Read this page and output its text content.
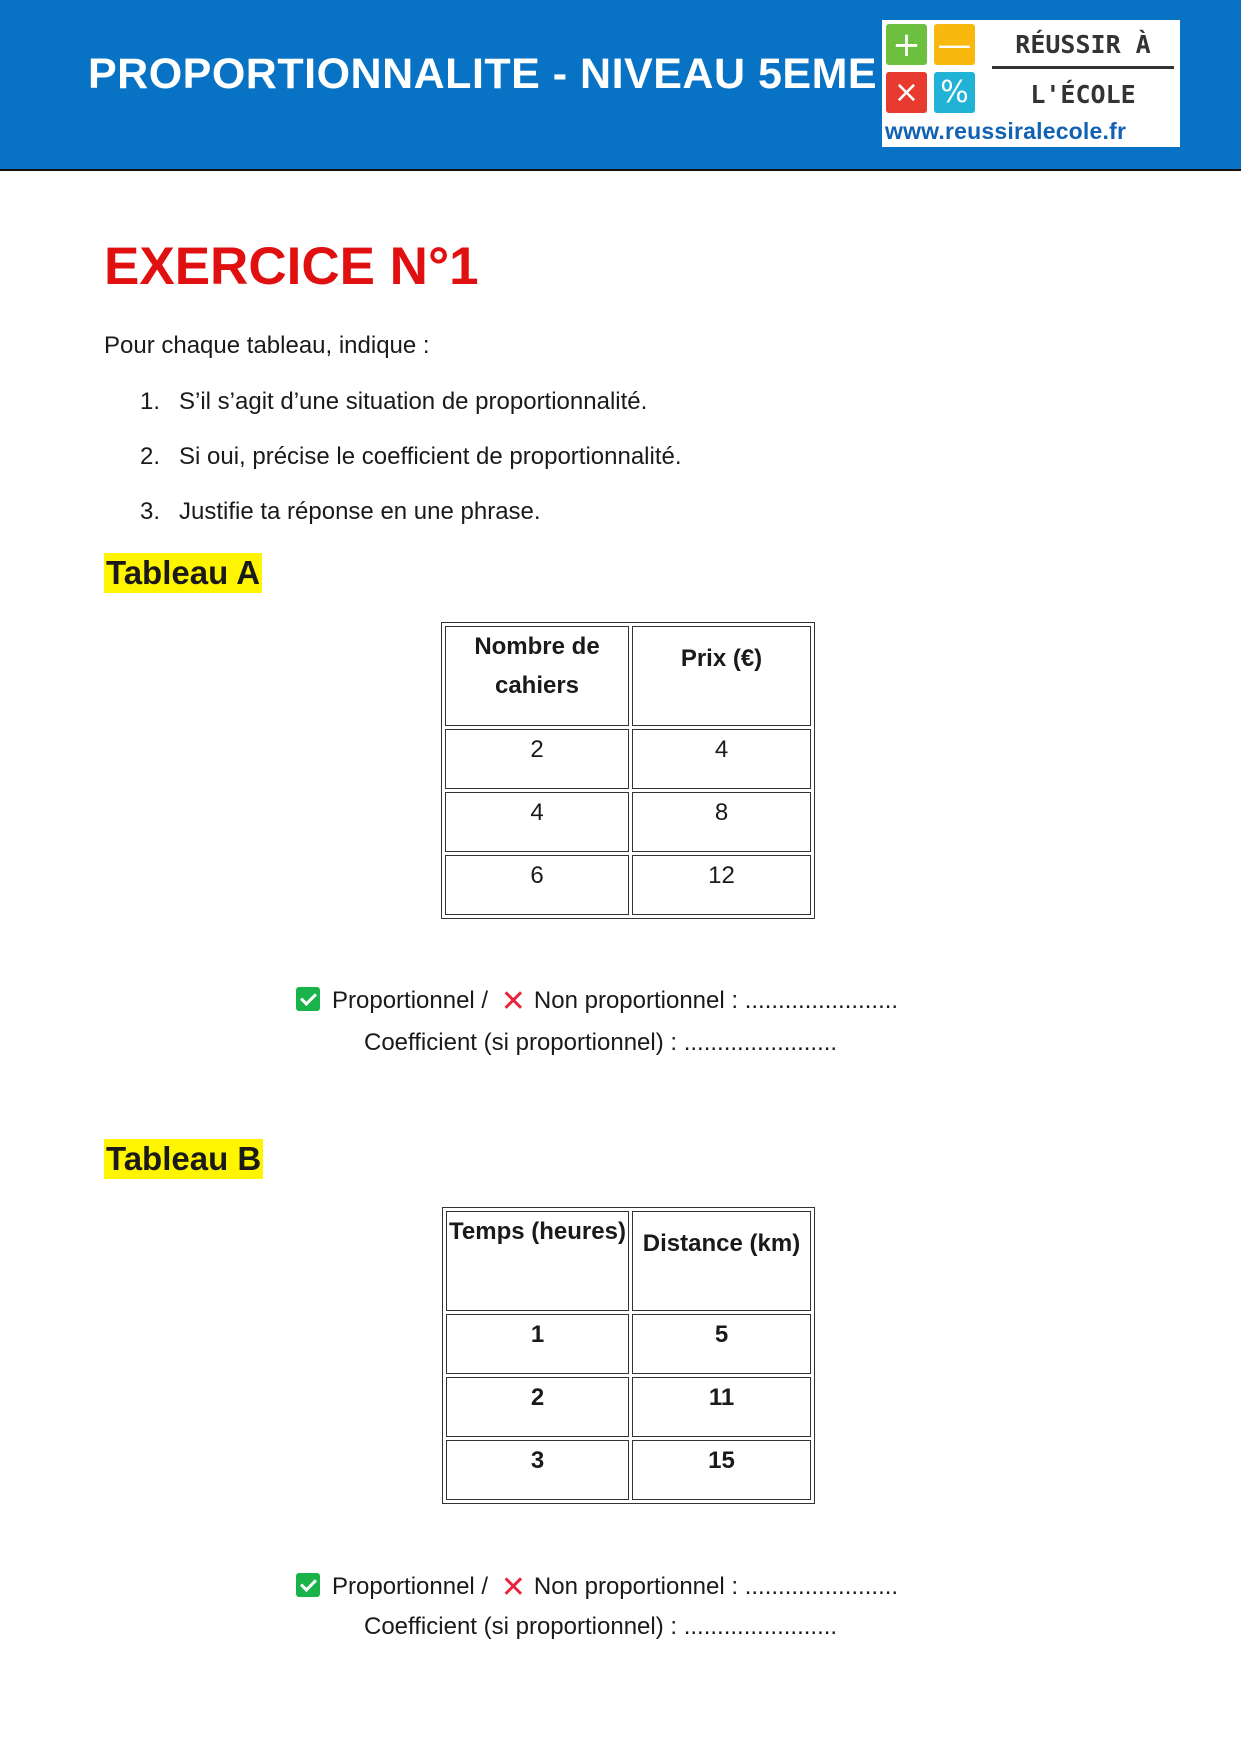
PROPORTIONNALITE - NIVEAU 5EME
+ —
× %
RÉUSSIR À
L'ÉCOLE
www.reussiralecole.fr
EXERCICE N°1
Pour chaque tableau, indique :
1. S’il s’agit d’une situation de proportionnalité.
2. Si oui, précise le coefficient de proportionnalité.
3. Justifie ta réponse en une phrase.
Tableau A
Nombre de cahiers	Prix (€)
2	4
4	8
6	12
Proportionnel / ✕ Non proportionnel : .......................
Coefficient (si proportionnel) : .......................
Tableau B
Temps (heures)	Distance (km)
1	5
2	11
3	15
Proportionnel / ✕ Non proportionnel : .......................
Coefficient (si proportionnel) : .......................
